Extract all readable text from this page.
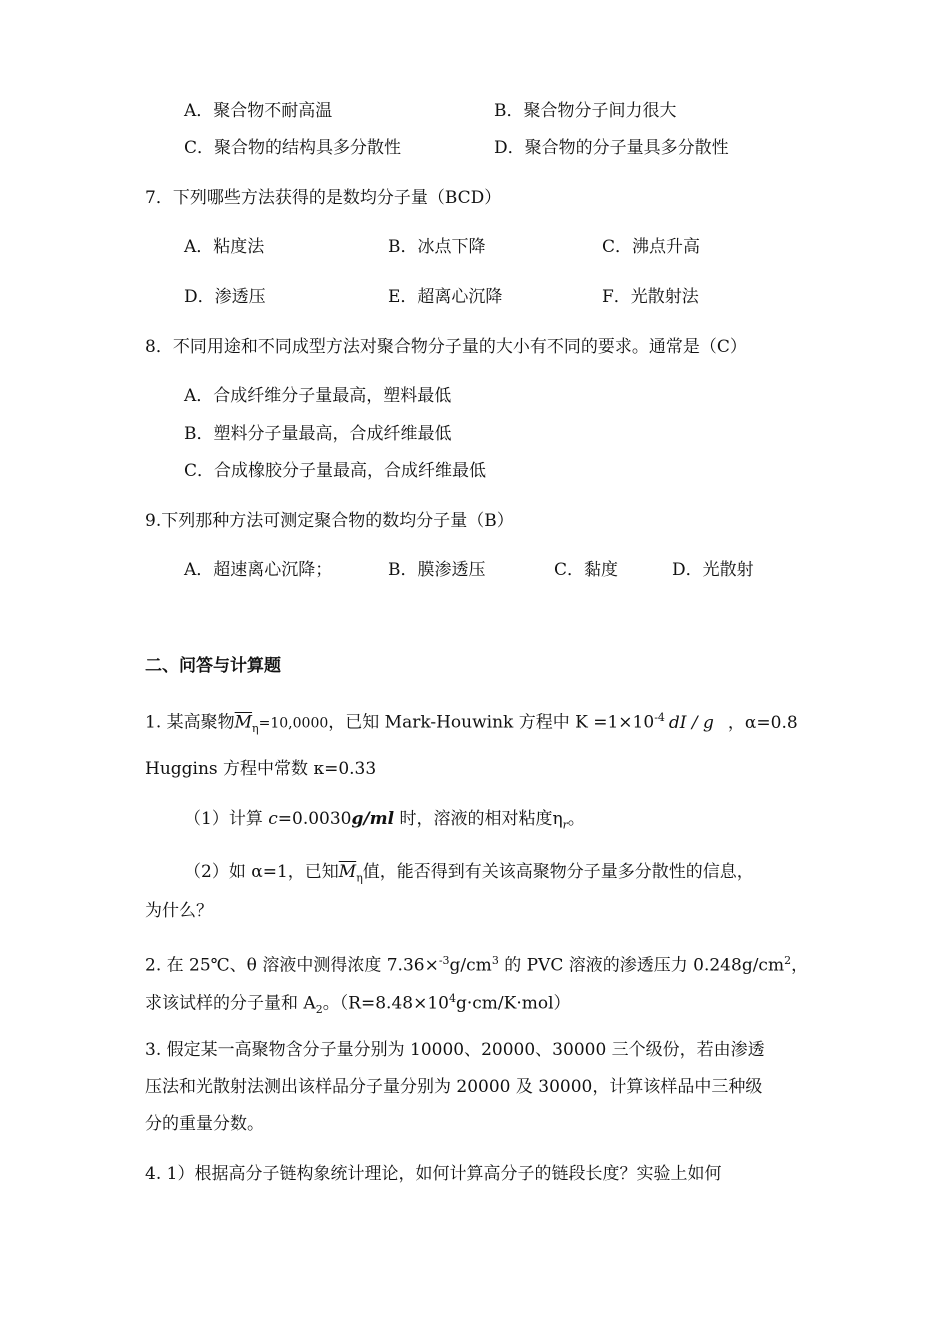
A．聚合物不耐高温	B．聚合物分子间力很大
C．聚合物的结构具多分散性	D．聚合物的分子量具多分散性
7．下列哪些方法获得的是数均分子量（BCD）
A．粘度法	B．冰点下降	C．沸点升高
D．渗透压	E．超离心沉降	F．光散射法
8．不同用途和不同成型方法对聚合物分子量的大小有不同的要求。通常是（C）
A．合成纤维分子量最高，塑料最低
B．塑料分子量最高，合成纤维最低
C．合成橡胶分子量最高，合成纤维最低
9.下列那种方法可测定聚合物的数均分子量（B）
A．超速离心沉降；	B．膜渗透压	C．黏度	D．光散射
二、问答与计算题
1. 某高聚物$\overline{M}_\eta=10,0000$，已知 Mark-Houwink 方程中 $K =1\times 10^{-4}$ dI / g ，α=0.8
Huggins 方程中常数 κ=0.33
（1）计算 c=0.0030g/ml 时，溶液的相对粘度$\eta_r$。
（2）如 α=1，已知$\overline{M}_\eta$值，能否得到有关该高聚物分子量多分散性的信息，
为什么？
2. 在 25℃、θ 溶液中测得浓度 $7.36\times^{-3}g/cm^3$ 的 PVC 溶液的渗透压力 $0.248g/cm^2$，
求该试样的分子量和 $A_2$。$(R=8.48\times 10^4g\cdot cm/K\cdot mol)$
3. 假定某一高聚物含分子量分别为 10000、20000、30000 三个级份，若由渗透
压法和光散射法测出该样品分子量分别为 20000 及 30000，计算该样品中三种级
分的重量分数。
4. 1）根据高分子链构象统计理论，如何计算高分子的链段长度？实验上如何
